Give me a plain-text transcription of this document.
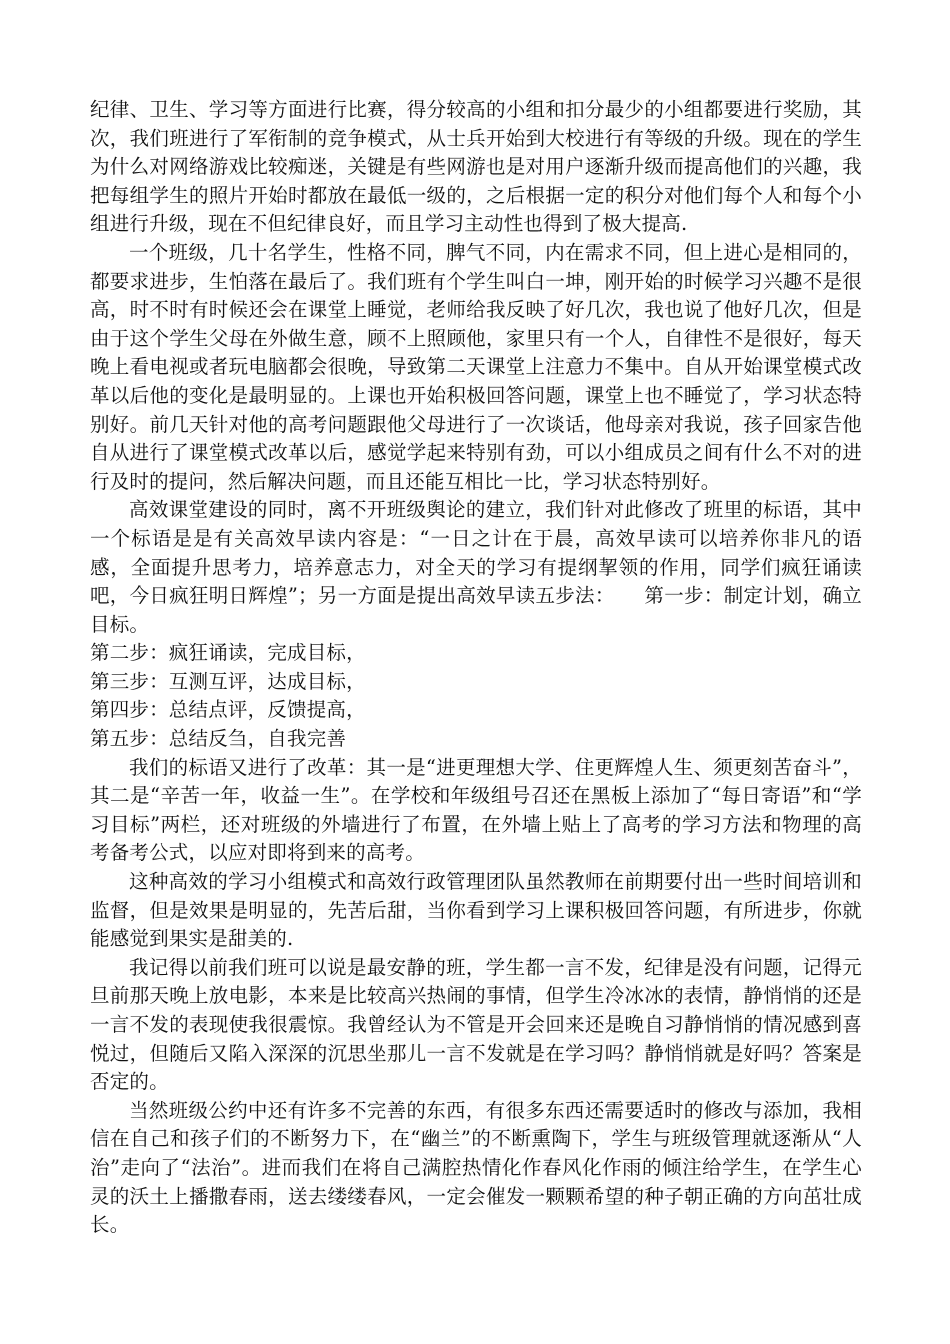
纪律、卫生、学习等方面进行比赛，得分较高的小组和扣分最少的小组都要进行奖励，其次，我们班进行了军衔制的竞争模式，从士兵开始到大校进行有等级的升级。现在的学生为什么对网络游戏比较痴迷，关键是有些网游也是对用户逐渐升级而提高他们的兴趣，我把每组学生的照片开始时都放在最低一级的，之后根据一定的积分对他们每个人和每个小组进行升级，现在不但纪律良好，而且学习主动性也得到了极大提高.

一个班级，几十名学生，性格不同，脾气不同，内在需求不同，但上进心是相同的，都要求进步，生怕落在最后了。我们班有个学生叫白一坤，刚开始的时候学习兴趣不是很高，时不时有时候还会在课堂上睡觉，老师给我反映了好几次，我也说了他好几次，但是由于这个学生父母在外做生意，顾不上照顾他，家里只有一个人，自律性不是很好，每天晚上看电视或者玩电脑都会很晚，导致第二天课堂上注意力不集中。自从开始课堂模式改革以后他的变化是最明显的。上课也开始积极回答问题，课堂上也不睡觉了，学习状态特别好。前几天针对他的高考问题跟他父母进行了一次谈话，他母亲对我说，孩子回家告他自从进行了课堂模式改革以后，感觉学起来特别有劲，可以小组成员之间有什么不对的进行及时的提问，然后解决问题，而且还能互相比一比，学习状态特别好。

高效课堂建设的同时，离不开班级舆论的建立，我们针对此修改了班里的标语，其中一个标语是是有关高效早读内容是：“一日之计在于晨，高效早读可以培养你非凡的语感，全面提升思考力，培养意志力，对全天的学习有提纲挈领的作用，同学们疯狂诵读吧，今日疯狂明日辉煌”；另一方面是提出高效早读五步法：　　第一步：制定计划，确立目标。

第二步：疯狂诵读，完成目标，

第三步：互测互评，达成目标，

第四步：总结点评，反馈提高，

第五步：总结反刍，自我完善

我们的标语又进行了改革：其一是“进更理想大学、住更辉煌人生、须更刻苦奋斗”，其二是“辛苦一年，收益一生”。在学校和年级组号召还在黑板上添加了“每日寄语”和“学习目标”两栏，还对班级的外墙进行了布置，在外墙上贴上了高考的学习方法和物理的高考备考公式，以应对即将到来的高考。

这种高效的学习小组模式和高效行政管理团队虽然教师在前期要付出一些时间培训和监督，但是效果是明显的，先苦后甜，当你看到学习上课积极回答问题，有所进步，你就能感觉到果实是甜美的.

我记得以前我们班可以说是最安静的班，学生都一言不发，纪律是没有问题，记得元旦前那天晚上放电影，本来是比较高兴热闹的事情，但学生冷冰冰的表情，静悄悄的还是一言不发的表现使我很震惊。我曾经认为不管是开会回来还是晚自习静悄悄的情况感到喜悦过，但随后又陷入深深的沉思坐那儿一言不发就是在学习吗？静悄悄就是好吗？答案是否定的。

当然班级公约中还有许多不完善的东西，有很多东西还需要适时的修改与添加，我相信在自己和孩子们的不断努力下，在“幽兰”的不断熏陶下，学生与班级管理就逐渐从“人治”走向了“法治”。进而我们在将自己满腔热情化作春风化作雨的倾注给学生，在学生心灵的沃土上播撒春雨，送去缕缕春风，一定会催发一颗颗希望的种子朝正确的方向茁壮成长。
